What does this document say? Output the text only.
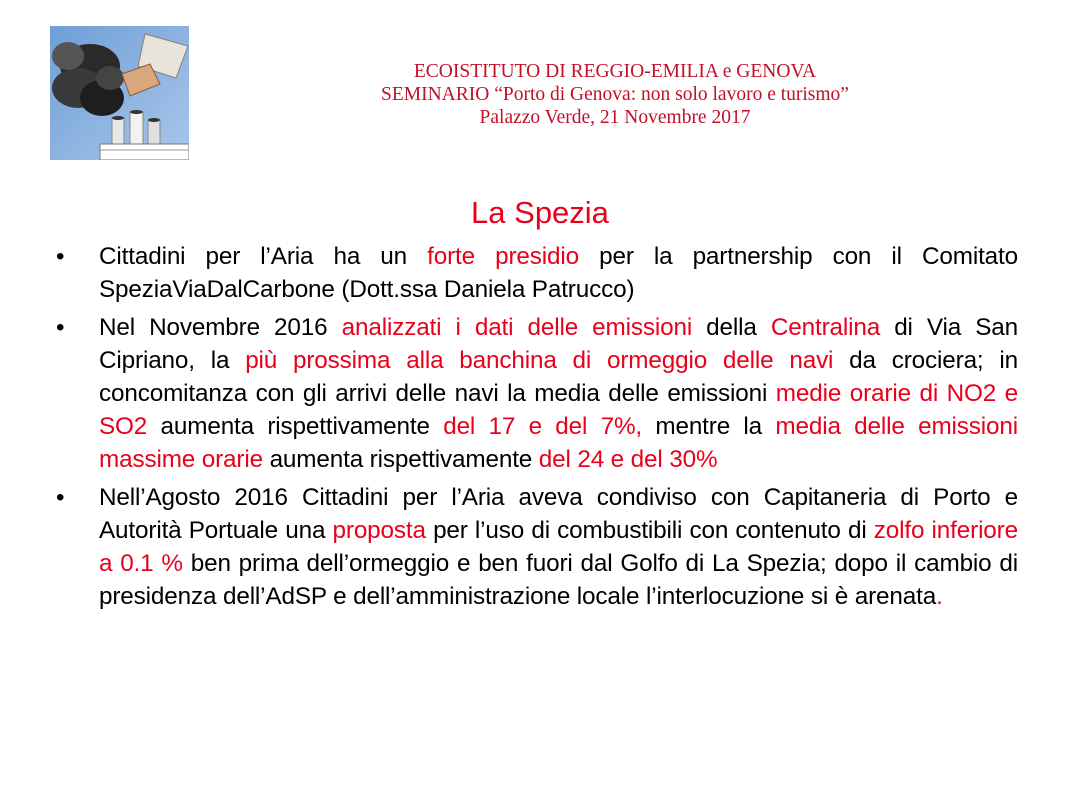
ECOISTITUTO DI REGGIO-EMILIA e GENOVA
SEMINARIO “Porto di Genova: non solo lavoro e turismo”
Palazzo Verde, 21 Novembre 2017
La Spezia
•	Cittadini per l’Aria ha un forte presidio per la partnership con il Comitato SpeziaViaDalCarbone (Dott.ssa Daniela Patrucco)
•	Nel Novembre 2016 analizzati i dati delle emissioni della Centralina di Via San Cipriano, la più prossima alla banchina di ormeggio delle navi da crociera; in concomitanza con gli arrivi delle navi la media delle emissioni medie orarie di NO2 e SO2 aumenta rispettivamente del 17 e del 7%, mentre la media delle emissioni massime orarie aumenta rispettivamente del 24 e del 30%
•	Nell’Agosto 2016 Cittadini per l’Aria aveva condiviso con Capitaneria di Porto e Autorità Portuale una proposta per l’uso di combustibili con contenuto di zolfo inferiore a 0.1 % ben prima dell’ormeggio e ben fuori dal Golfo di La Spezia; dopo il cambio di presidenza dell’AdSP e dell’amministrazione locale l’interlocuzione si è arenata.
